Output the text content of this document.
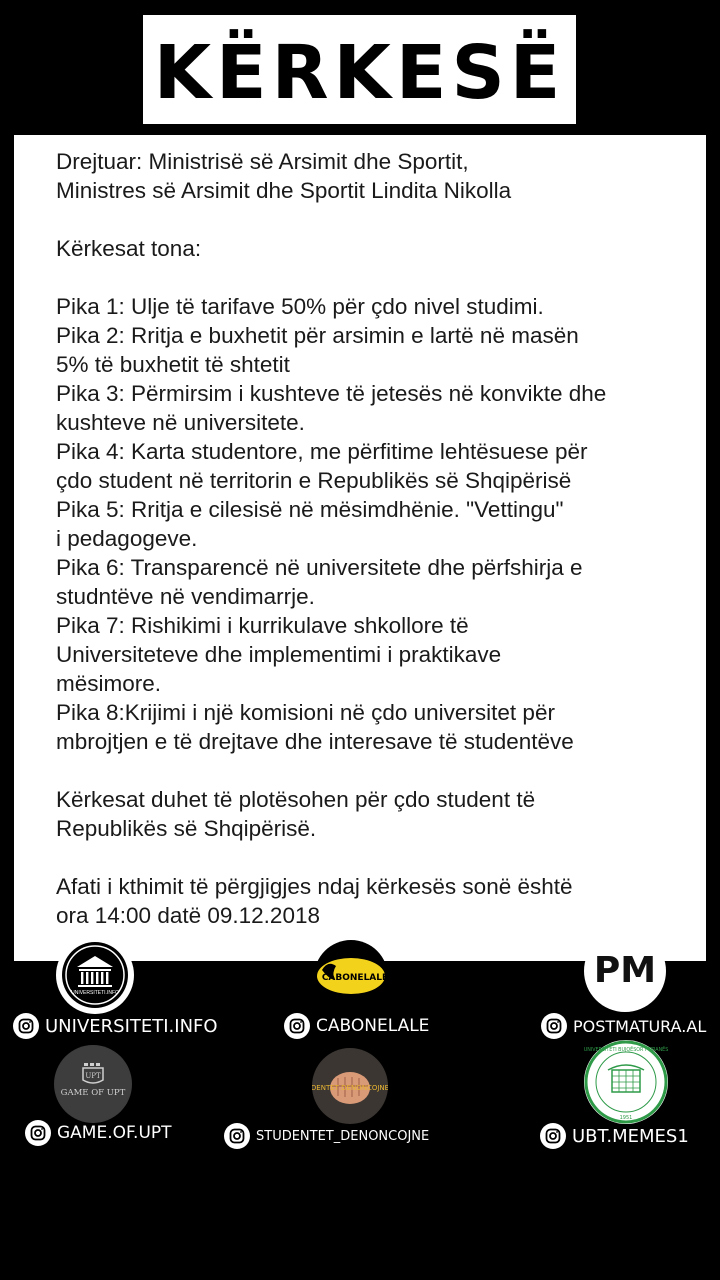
KËRKESË

Drejtuar: Ministrisë së Arsimit dhe Sportit,

Ministres së Arsimit dhe Sportit Lindita Nikolla

Kërkesat tona:

Pika 1: Ulje të tarifave 50% për çdo nivel studimi.

Pika 2: Rritja e buxhetit për arsimin e lartë në masën

5% të buxhetit të shtetit

Pika 3: Përmirsim i kushteve të jetesës në konvikte dhe

kushteve në universitete.

Pika 4: Karta studentore, me përfitime lehtësuese për

çdo student në territorin e Republikës së Shqipërisë

Pika 5: Rritja e cilesisë në mësimdhënie. "Vettingu"

i pedagogeve.

Pika 6: Transparencë në universitete dhe përfshirja e

studntëve në vendimarrje.

Pika 7: Rishikimi i kurrikulave shkollore të

Universiteteve dhe implementimi i praktikave

mësimore.

Pika 8:Krijimi i një komisioni në çdo universitet për

mbrojtjen e të drejtave dhe interesave të studentëve

Kërkesat duhet të plotësohen për çdo student të

Republikës së Shqipërisë.

Afati i kthimit të përgjigjes ndaj kërkesës sonë është

ora 14:00 datë 09.12.2018

UNIVERSITETI.INFO
UNIVERSITETI.INFO
CABONELALE
CABONELALE
PM
POSTMATURA.AL
UPT
GAME OF UPT
GAME.OF.UPT
DENTET DENONCOJNE
STUDENTET_DENONCOJNE
UNIVERSITETI BUJQËSOR I TIRANËS
1951
UBT.MEMES1
